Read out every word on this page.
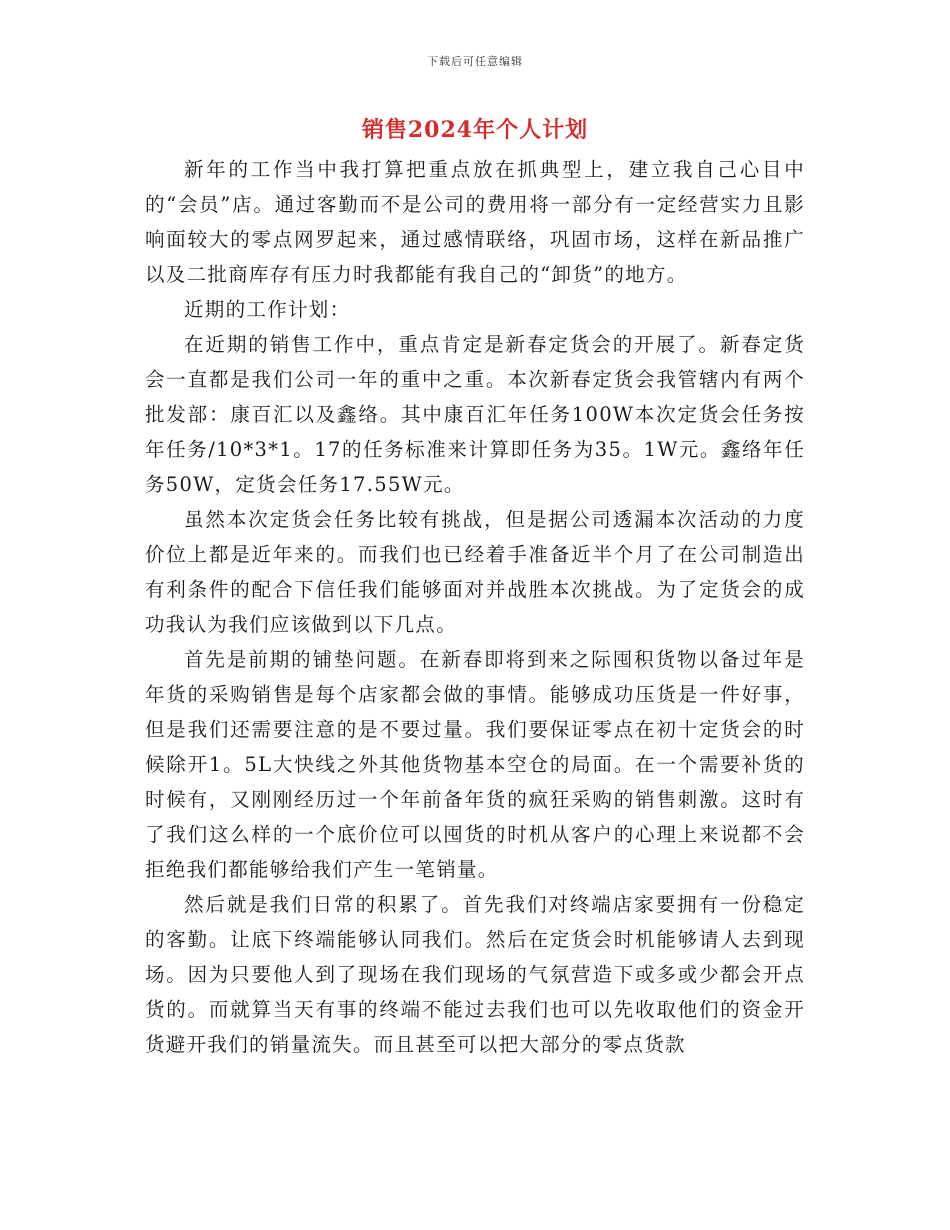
下载后可任意编辑
销售2024年个人计划

新年的工作当中我打算把重点放在抓典型上，建立我自己心目中的“会员”店。通过客勤而不是公司的费用将一部分有一定经营实力且影响面较大的零点网罗起来，通过感情联络，巩固市场，这样在新品推广以及二批商库存有压力时我都能有我自己的“卸货”的地方。

近期的工作计划：

在近期的销售工作中，重点肯定是新春定货会的开展了。新春定货会一直都是我们公司一年的重中之重。本次新春定货会我管辖内有两个批发部：康百汇以及鑫络。其中康百汇年任务100W本次定货会任务按年任务/10*3*1。17的任务标准来计算即任务为35。1W元。鑫络年任务50W，定货会任务17.55W元。

虽然本次定货会任务比较有挑战，但是据公司透漏本次活动的力度价位上都是近年来的。而我们也已经着手准备近半个月了在公司制造出有利条件的配合下信任我们能够面对并战胜本次挑战。为了定货会的成功我认为我们应该做到以下几点。

首先是前期的铺垫问题。在新春即将到来之际囤积货物以备过年是年货的采购销售是每个店家都会做的事情。能够成功压货是一件好事，但是我们还需要注意的是不要过量。我们要保证零点在初十定货会的时候除开1。5L大快线之外其他货物基本空仓的局面。在一个需要补货的时候有，又刚刚经历过一个年前备年货的疯狂采购的销售刺激。这时有了我们这么样的一个底价位可以囤货的时机从客户的心理上来说都不会拒绝我们都能够给我们产生一笔销量。

然后就是我们日常的积累了。首先我们对终端店家要拥有一份稳定的客勤。让底下终端能够认同我们。然后在定货会时机能够请人去到现场。因为只要他人到了现场在我们现场的气氛营造下或多或少都会开点货的。而就算当天有事的终端不能过去我们也可以先收取他们的资金开货避开我们的销量流失。而且甚至可以把大部分的零点货款
